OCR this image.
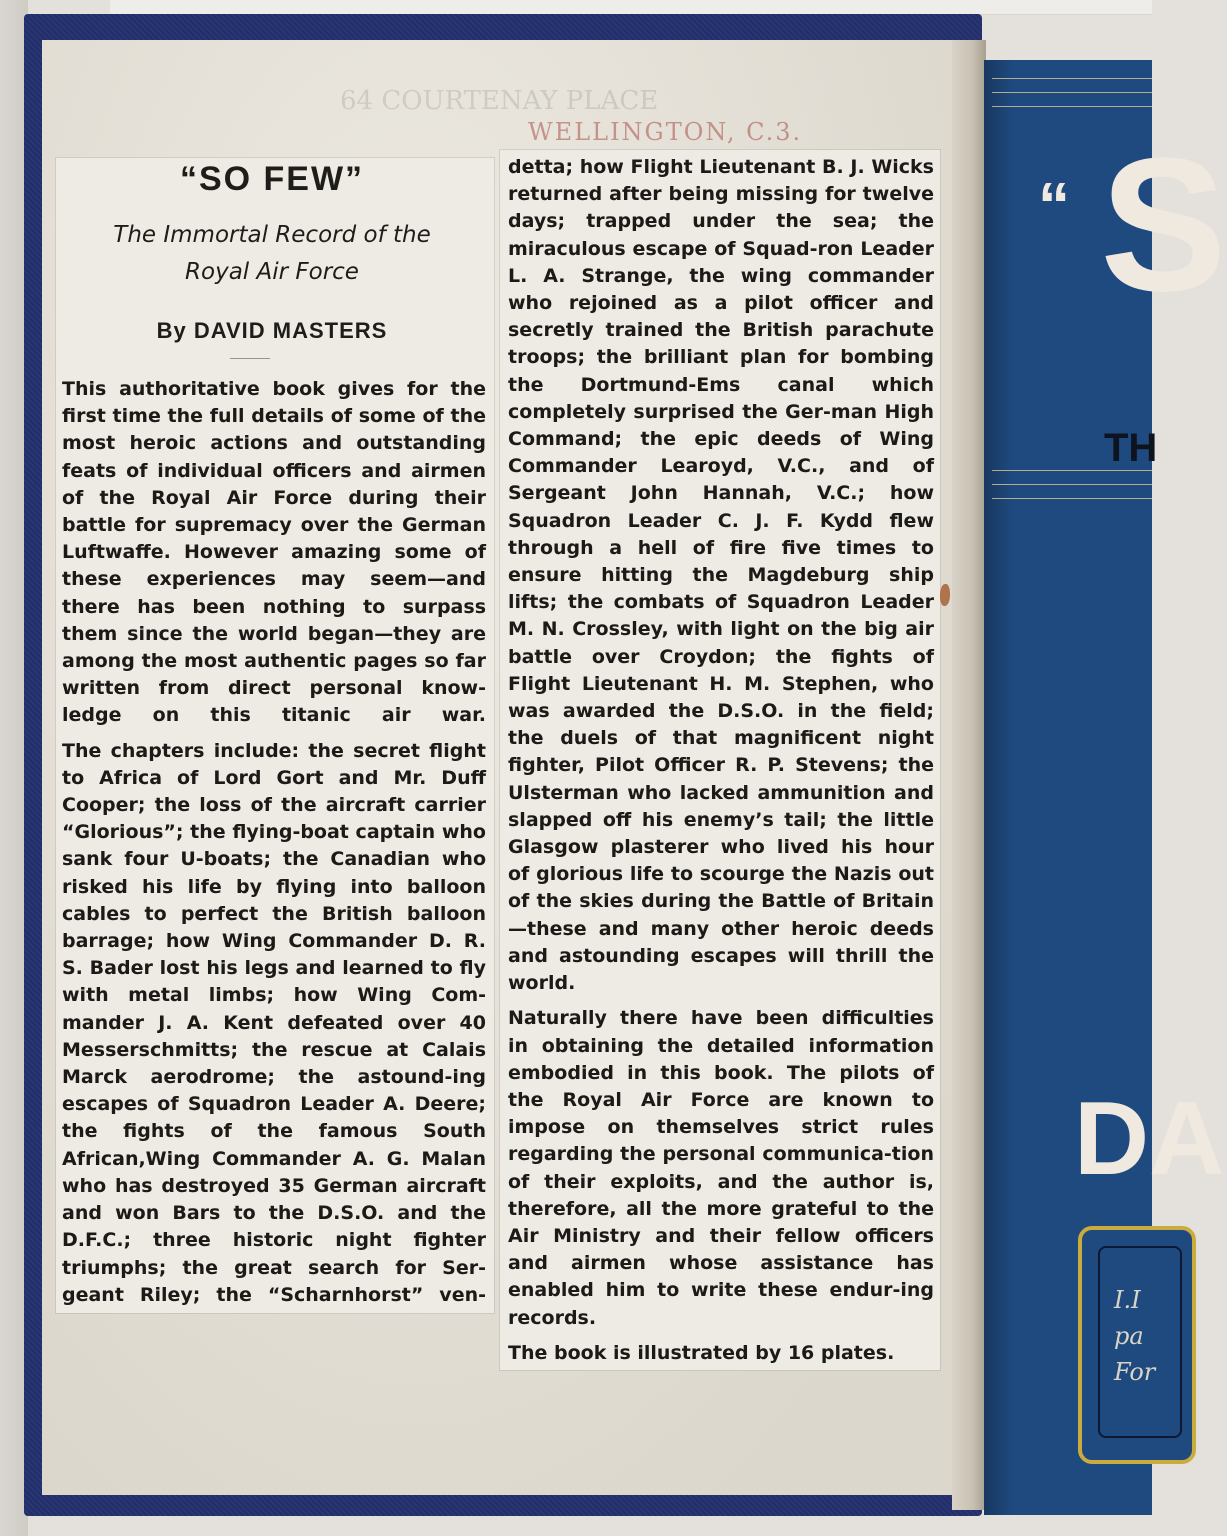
64 COURTENAY PLACE
WELLINGTON, C.3.
“SO FEW”
The Immortal Record of the
Royal Air Force
By DAVID MASTERS

This authoritative book gives for the first time the full details of some of the most heroic actions and outstanding feats of individual officers and airmen of the Royal Air Force during their battle for supremacy over the German Luftwaffe. However amazing some of these experiences may seem—and there has been nothing to surpass them since the world began—they are among the most authentic pages so far written from direct personal know-ledge on this titanic air war.

The chapters include: the secret flight to Africa of Lord Gort and Mr. Duff Cooper; the loss of the aircraft carrier “Glorious”; the flying-boat captain who sank four U-boats; the Canadian who risked his life by flying into balloon cables to perfect the British balloon barrage; how Wing Commander D. R. S. Bader lost his legs and learned to fly with metal limbs; how Wing Com-mander J. A. Kent defeated over 40 Messerschmitts; the rescue at Calais Marck aerodrome; the astound-ing escapes of Squadron Leader A. Deere; the fights of the famous South African,Wing Commander A. G. Malan who has destroyed 35 German aircraft and won Bars to the D.S.O. and the D.F.C.; three historic night fighter triumphs; the great search for Ser-geant Riley; the “Scharnhorst” ven-

detta; how Flight Lieutenant B. J. Wicks returned after being missing for twelve days; trapped under the sea; the miraculous escape of Squad-ron Leader L. A. Strange, the wing commander who rejoined as a pilot officer and secretly trained the British parachute troops; the brilliant plan for bombing the Dortmund-Ems canal which completely surprised the Ger-man High Command; the epic deeds of Wing Commander Learoyd, V.C., and of Sergeant John Hannah, V.C.; how Squadron Leader C. J. F. Kydd flew through a hell of fire five times to ensure hitting the Magdeburg ship lifts; the combats of Squadron Leader M. N. Crossley, with light on the big air battle over Croydon; the fights of Flight Lieutenant H. M. Stephen, who was awarded the D.S.O. in the field; the duels of that magnificent night fighter, Pilot Officer R. P. Stevens; the Ulsterman who lacked ammunition and slapped off his enemy’s tail; the little Glasgow plasterer who lived his hour of glorious life to scourge the Nazis out of the skies during the Battle of Britain—these and many other heroic deeds and astounding escapes will thrill the world.

Naturally there have been difficulties in obtaining the detailed information embodied in this book. The pilots of the Royal Air Force are known to impose on themselves strict rules regarding the personal communica-tion of their exploits, and the author is, therefore, all the more grateful to the Air Ministry and their fellow officers and airmen whose assistance has enabled him to write these endur-ing records.

The book is illustrated by 16 plates.

“ S
TH
DA
I.I
pa
For
